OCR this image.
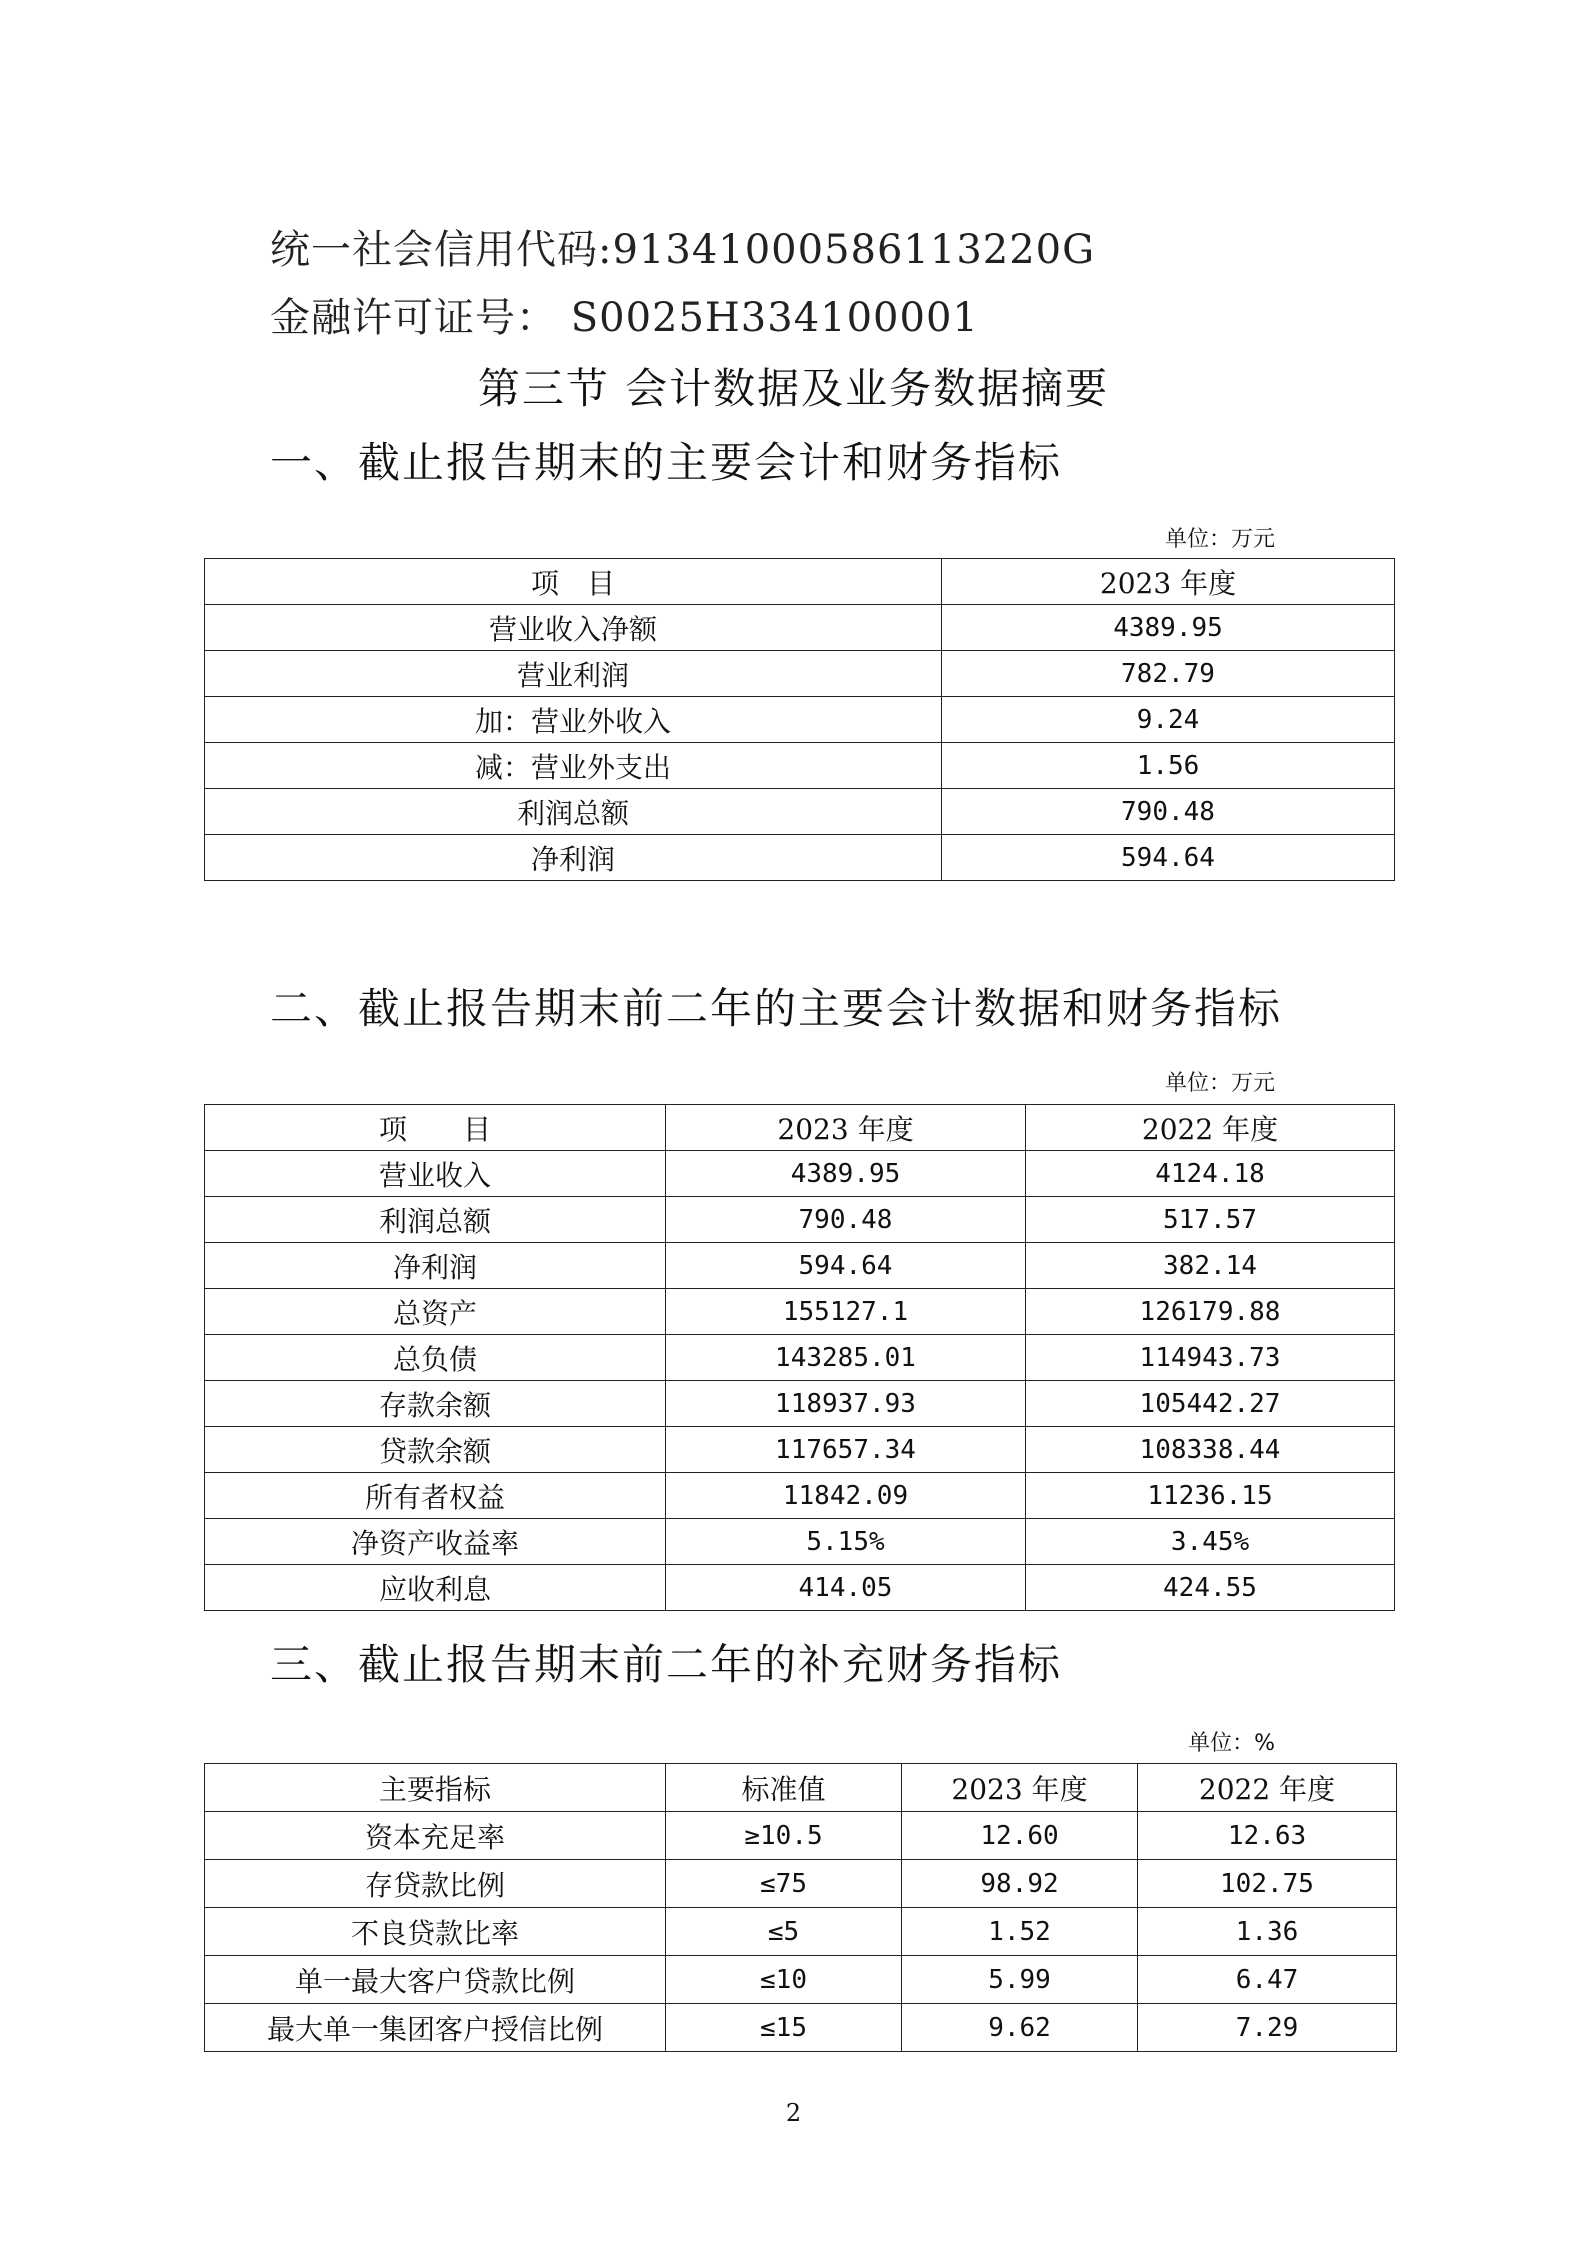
统一社会信用代码:91341000586113220G
金融许可证号： S0025H334100001
第三节 会计数据及业务数据摘要
一、截止报告期末的主要会计和财务指标
单位：万元
项　目	2023 年度
营业收入净额	4389.95
营业利润	782.79
加：营业外收入	9.24
减：营业外支出	1.56
利润总额	790.48
净利润	594.64
二、截止报告期末前二年的主要会计数据和财务指标
单位：万元
项　　目	2023 年度	2022 年度
营业收入	4389.95	4124.18
利润总额	790.48	517.57
净利润	594.64	382.14
总资产	155127.1	126179.88
总负债	143285.01	114943.73
存款余额	118937.93	105442.27
贷款余额	117657.34	108338.44
所有者权益	11842.09	11236.15
净资产收益率	5.15%	3.45%
应收利息	414.05	424.55
三、截止报告期末前二年的补充财务指标
单位：%
主要指标	标准值	2023 年度	2022 年度
资本充足率	≥10.5	12.60	12.63
存贷款比例	≤75	98.92	102.75
不良贷款比率	≤5	1.52	1.36
单一最大客户贷款比例	≤10	5.99	6.47
最大单一集团客户授信比例	≤15	9.62	7.29
2
